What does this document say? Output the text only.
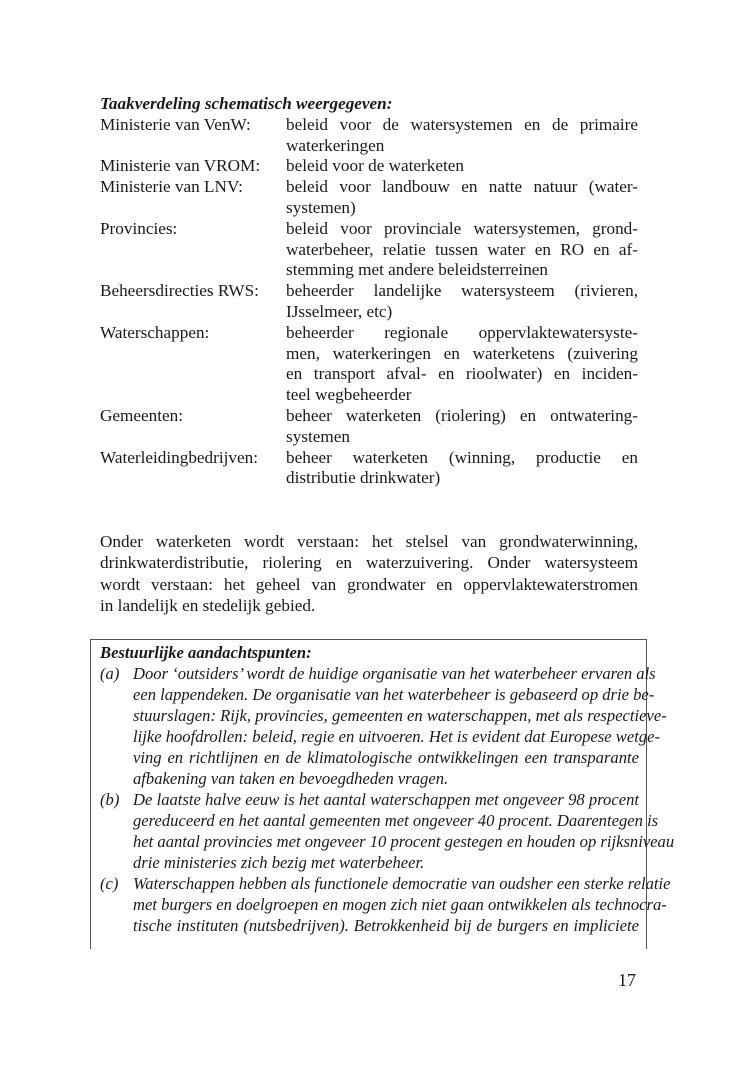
Taakverdeling schematisch weergegeven:
Ministerie van VenW:	beleid voor de watersystemen en de primaire
waterkeringen
Ministerie van VROM:	beleid voor de waterketen
Ministerie van LNV:	beleid voor landbouw en natte natuur (water-
systemen)
Provincies:	beleid voor provinciale watersystemen, grond-
waterbeheer, relatie tussen water en RO en af-
stemming met andere beleidsterreinen
Beheersdirecties RWS:	beheerder landelijke watersysteem (rivieren,
IJsselmeer, etc)
Waterschappen:	beheerder regionale oppervlaktewatersyste-
men, waterkeringen en waterketens (zuivering
en transport afval- en rioolwater) en inciden-
teel wegbeheerder
Gemeenten:	beheer waterketen (riolering) en ontwatering-
systemen
Waterleidingbedrijven:	beheer waterketen (winning, productie en
distributie drinkwater)
Onder waterketen wordt verstaan: het stelsel van grondwaterwinning,
drinkwaterdistributie, riolering en waterzuivering. Onder watersysteem
wordt verstaan: het geheel van grondwater en oppervlaktewaterstromen
in landelijk en stedelijk gebied.
Bestuurlijke aandachtspunten:
(a) Door ‘outsiders’ wordt de huidige organisatie van het waterbeheer ervaren als
een lappendeken. De organisatie van het waterbeheer is gebaseerd op drie be-
stuurslagen: Rijk, provincies, gemeenten en waterschappen, met als respectieve-
lijke hoofdrollen: beleid, regie en uitvoeren. Het is evident dat Europese wetge-
ving en richtlijnen en de klimatologische ontwikkelingen een transparante
afbakening van taken en bevoegdheden vragen.
(b) De laatste halve eeuw is het aantal waterschappen met ongeveer 98 procent
gereduceerd en het aantal gemeenten met ongeveer 40 procent. Daarentegen is
het aantal provincies met ongeveer 10 procent gestegen en houden op rijksniveau
drie ministeries zich bezig met waterbeheer.
(c) Waterschappen hebben als functionele democratie van oudsher een sterke relatie
met burgers en doelgroepen en mogen zich niet gaan ontwikkelen als technocra-
tische instituten (nutsbedrijven). Betrokkenheid bij de burgers en impliciete
17
